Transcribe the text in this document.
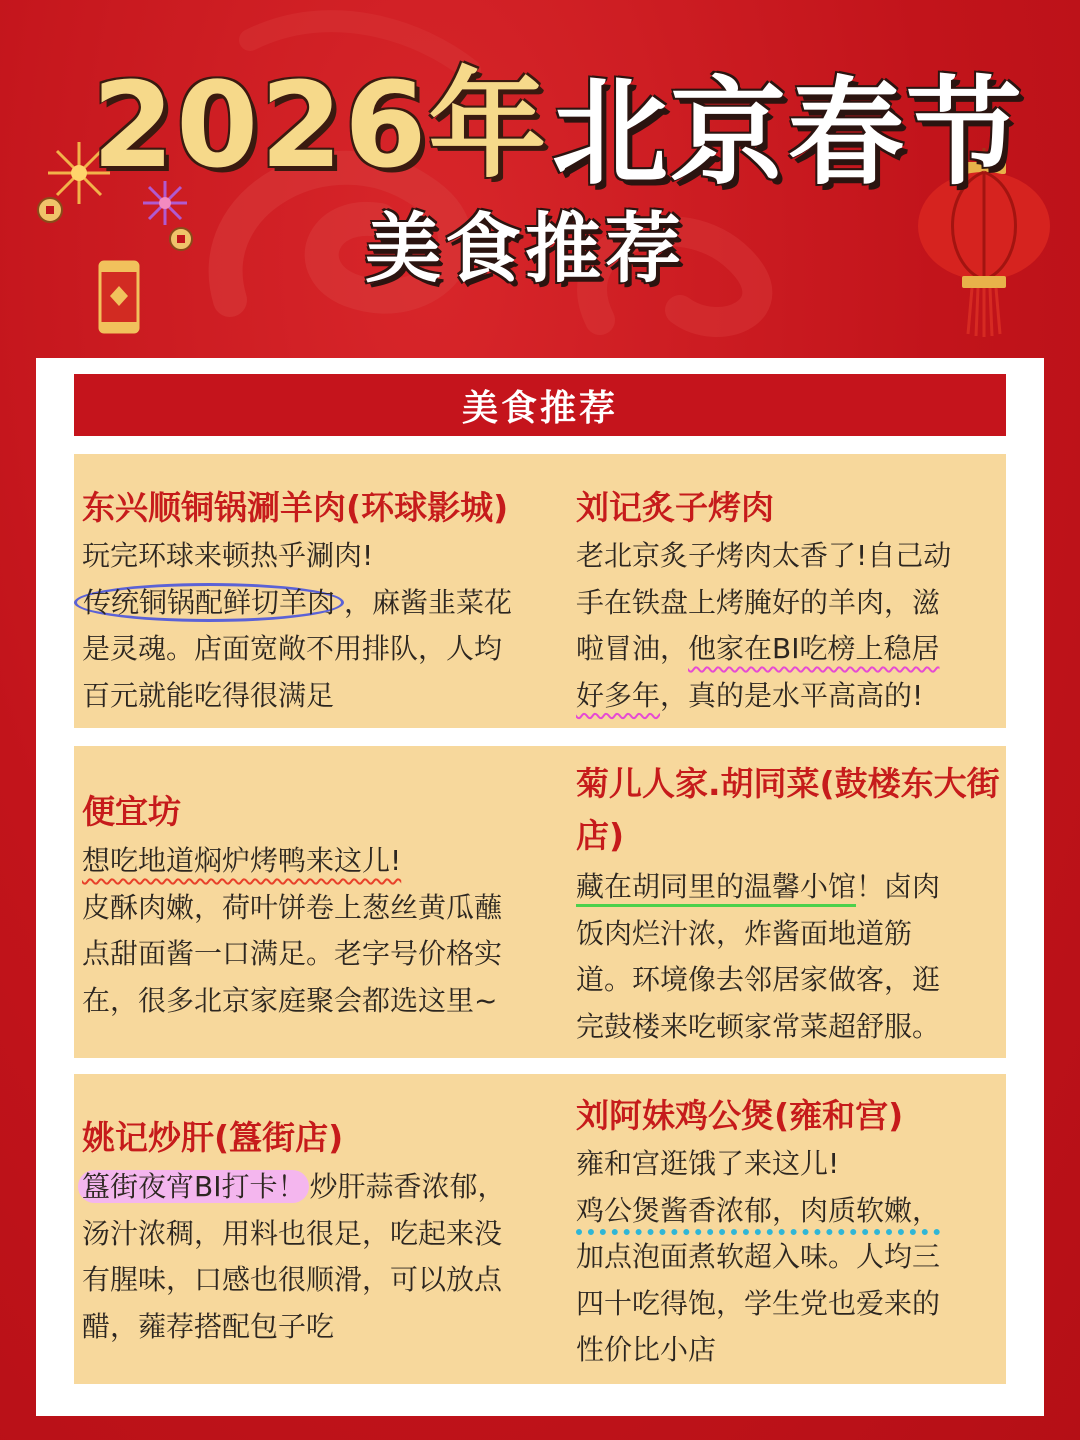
2026年 北京春节
美食推荐
美食推荐
东兴顺铜锅涮羊肉(环球影城)
玩完环球来顿热乎涮肉!
传统铜锅配鲜切羊肉 ，麻酱韭菜花
是灵魂。店面宽敞不用排队，人均
百元就能吃得很满足
刘记炙子烤肉
老北京炙子烤肉太香了!自己动
手在铁盘上烤腌好的羊肉，滋
啦冒油，他家在BI吃榜上稳居
好多年，真的是水平高高的!
便宜坊
想吃地道焖炉烤鸭来这儿!
皮酥肉嫩，荷叶饼卷上葱丝黄瓜蘸
点甜面酱一口满足。老字号价格实
在，很多北京家庭聚会都选这里~
菊儿人家.胡同菜(鼓楼东大街店)
藏在胡同里的温馨小馆！卤肉
饭肉烂汁浓，炸酱面地道筋
道。环境像去邻居家做客，逛
完鼓楼来吃顿家常菜超舒服。
姚记炒肝(簋街店)
簋街夜宵BI打卡！ 炒肝蒜香浓郁，
汤汁浓稠，用料也很足，吃起来没
有腥味，口感也很顺滑，可以放点
醋，蕹荐搭配包子吃
刘阿妹鸡公煲(雍和宫)
雍和宫逛饿了来这儿!
鸡公煲酱香浓郁，肉质软嫩，
加点泡面煮软超入味。人均三
四十吃得饱，学生党也爱来的
性价比小店
